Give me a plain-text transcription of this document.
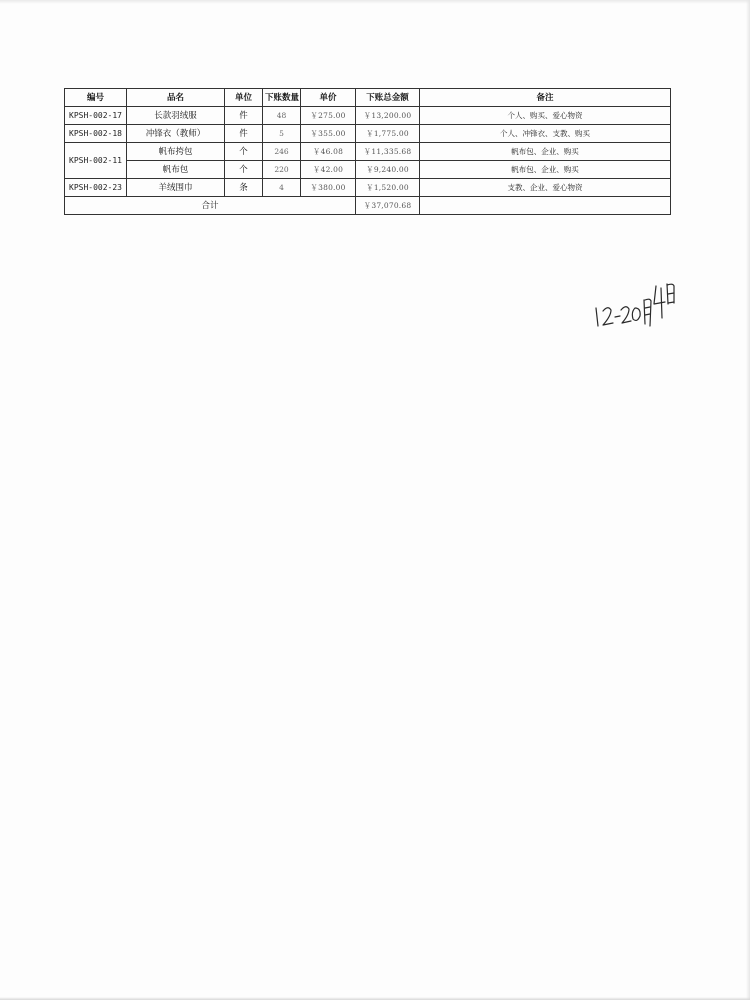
编号	品名	单位	下账数量	单价	下账总金额	备注
KPSH-002-17	长款羽绒服	件	48	￥275.00	￥13,200.00	个人、购买、爱心物资
KPSH-002-18	冲锋衣（教师）	件	5	￥355.00	￥1,775.00	个人、冲锋衣、支教、购买
KPSH-002-11	帆布挎包	个	246	￥46.08	￥11,335.68	帆布包、企业、购买
	帆布包	个	220	￥42.00	￥9,240.00	帆布包、企业、购买
KPSH-002-23	羊绒围巾	条	4	￥380.00	￥1,520.00	支教、企业、爱心物资
合计					￥37,070.68	
